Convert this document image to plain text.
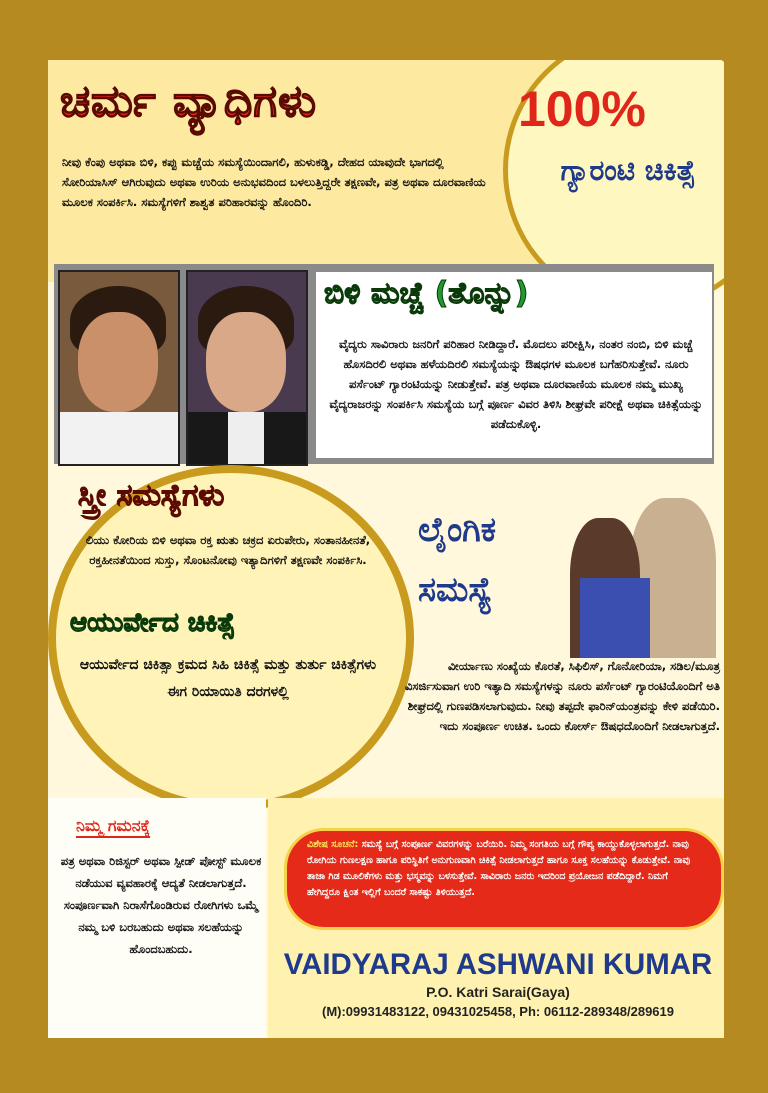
ಚರ್ಮ ವ್ಯಾಧಿಗಳು	100%
ಗ್ಯಾರಂಟಿ ಚಿಕಿತ್ಸೆ
ನೀವು ಕೆಂಪು ಅಥವಾ ಬಿಳಿ, ಕಪ್ಪು ಮಚ್ಚೆಯ ಸಮಸ್ಯೆಯಿಂದಾಗಲಿ, ಹುಳುಕಡ್ಡಿ, ದೇಹದ ಯಾವುದೇ ಭಾಗದಲ್ಲಿ ಸೋರಿಯಾಸಿಸ್ ಆಗಿರುವುದು ಅಥವಾ ಉರಿಯ ಅನುಭವದಿಂದ ಬಳಲುತ್ತಿದ್ದರೇ ತಕ್ಷಣವೇ, ಪತ್ರ ಅಥವಾ ದೂರವಾಣಿಯ ಮೂಲಕ ಸಂಪರ್ಕಿಸಿ. ಸಮಸ್ಯೆಗಳಿಗೆ ಶಾಶ್ವತ ಪರಿಹಾರವನ್ನು ಹೊಂದಿರಿ.
ಬಿಳಿ ಮಚ್ಚೆ (ತೊನ್ನು)
ವೈದ್ಯರು ಸಾವಿರಾರು ಜನರಿಗೆ ಪರಿಹಾರ ನೀಡಿದ್ದಾರೆ. ಮೊದಲು ಪರೀಕ್ಷಿಸಿ, ನಂತರ ನಂಬಿ, ಬಿಳಿ ಮಚ್ಚೆ ಹೊಸದಿರಲಿ ಅಥವಾ ಹಳೆಯದಿರಲಿ ಸಮಸ್ಯೆಯನ್ನು ಔಷಧಗಳ ಮೂಲಕ ಬಗೆಹರಿಸುತ್ತೇವೆ. ನೂರು ಪರ್ಸೆಂಟ್ ಗ್ಯಾರಂಟಿಯನ್ನು ನೀಡುತ್ತೇವೆ. ಪತ್ರ ಅಥವಾ ದೂರವಾಣಿಯ ಮೂಲಕ ನಮ್ಮ ಮುಖ್ಯ ವೈದ್ಯರಾಜರನ್ನು ಸಂಪರ್ಕಿಸಿ ಸಮಸ್ಯೆಯ ಬಗ್ಗೆ ಪೂರ್ಣ ವಿವರ ತಿಳಿಸಿ ಶೀಘ್ರವೇ ಪರೀಕ್ಷೆ ಅಥವಾ ಚಿಕಿತ್ಸೆಯನ್ನು ಪಡೆದುಕೊಳ್ಳಿ.
ಸ್ತ್ರೀ ಸಮಸ್ಯೆಗಳು
ಲಿಯು ಕೋರಿಯ ಬಿಳಿ ಅಥವಾ ರಕ್ತ ಋತು ಚಕ್ರದ ಏರುಪೇರು, ಸಂತಾನಹೀನತೆ, ರಕ್ತಹೀನತೆಯಿಂದ ಸುಸ್ತು, ಸೊಂಟನೋವು ಇತ್ಯಾದಿಗಳಿಗೆ ತಕ್ಷಣವೇ ಸಂಪರ್ಕಿಸಿ.
ಆಯುರ್ವೇದ ಚಿಕಿತ್ಸೆ
ಆಯುರ್ವೇದ ಚಿಕಿತ್ಸಾ ಕ್ರಮದ ಸಿಹಿ ಚಿಕಿತ್ಸೆ ಮತ್ತು ತುರ್ತು ಚಿಕಿತ್ಸೆಗಳು ಈಗ ರಿಯಾಯಿತಿ ದರಗಳಲ್ಲಿ
ಲೈಂಗಿಕ
ಸಮಸ್ಯೆ
ವೀರ್ಯಾಣು ಸಂಖ್ಯೆಯ ಕೊರತೆ, ಸಿಫಿಲಿಸ್, ಗೊನೋರಿಯಾ, ಸಡಿಲ/ಮೂತ್ರ ವಿಸರ್ಜಿಸುವಾಗ ಉರಿ ಇತ್ಯಾದಿ ಸಮಸ್ಯೆಗಳನ್ನು ನೂರು ಪರ್ಸೆಂಟ್ ಗ್ಯಾರಂಟಿಯೊಂದಿಗೆ ಅತಿ ಶೀಘ್ರದಲ್ಲಿ ಗುಣಪಡಿಸಲಾಗುವುದು. ನೀವು ತಪ್ಪದೇ ಫಾರಿನ್‌ಯಂತ್ರವನ್ನು ಕೇಳಿ ಪಡೆಯಿರಿ. ಇದು ಸಂಪೂರ್ಣ ಉಚಿತ. ಒಂದು ಕೋರ್ಸ್ ಔಷಧದೊಂದಿಗೆ ನೀಡಲಾಗುತ್ತದೆ.
ನಿಮ್ಮ ಗಮನಕ್ಕೆ
ಪತ್ರ ಅಥವಾ ರಿಜಿಸ್ಟರ್ ಅಥವಾ ಸ್ಪೀಡ್ ಪೋಸ್ಟ್ ಮೂಲಕ ನಡೆಯುವ ವ್ಯವಹಾರಕ್ಕೆ ಆದ್ಯತೆ ನೀಡಲಾಗುತ್ತದೆ. ಸಂಪೂರ್ಣವಾಗಿ ನಿರಾಸೆಗೊಂಡಿರುವ ರೋಗಿಗಳು ಒಮ್ಮೆ ನಮ್ಮ ಬಳಿ ಬರಬಹುದು ಅಥವಾ ಸಲಹೆಯನ್ನು ಹೊಂದಬಹುದು.
ವಿಶೇಷ ಸೂಚನೆ: ಸಮಸ್ಯೆ ಬಗ್ಗೆ ಸಂಪೂರ್ಣ ವಿವರಗಳನ್ನು ಬರೆಯಿರಿ. ನಿಮ್ಮ ಸಂಗತಿಯ ಬಗ್ಗೆ ಗೌಪ್ಯ ಕಾಯ್ದುಕೊಳ್ಳಲಾಗುತ್ತದೆ. ನಾವು ರೋಗಿಯ ಗುಣಲಕ್ಷಣ ಹಾಗೂ ಪರಿಸ್ಥಿತಿಗೆ ಅನುಗುಣವಾಗಿ ಚಿಕಿತ್ಸೆ ನೀಡಲಾಗುತ್ತದೆ ಹಾಗೂ ಸೂಕ್ತ ಸಲಹೆಯನ್ನು ಕೊಡುತ್ತೇವೆ. ನಾವು ತಾಜಾ ಗಿಡ ಮೂಲಿಕೆಗಳು ಮತ್ತು ಭಸ್ಮವನ್ನು ಬಳಸುತ್ತೇವೆ. ಸಾವಿರಾರು ಜನರು ಇದರಿಂದ ಪ್ರಯೋಜನ ಪಡೆದಿದ್ದಾರೆ. ನಿಮಗೆ ಹೇಗಿದ್ದರೂ ಕ್ಷಿಂತ ಇಲ್ಲಿಗೆ ಬಂದರೆ ಸಾಕಷ್ಟು ತಿಳಿಯುತ್ತದೆ.
VAIDYARAJ ASHWANI KUMAR
P.O. Katri Sarai(Gaya)
(M):09931483122, 09431025458, Ph: 06112-289348/289619
